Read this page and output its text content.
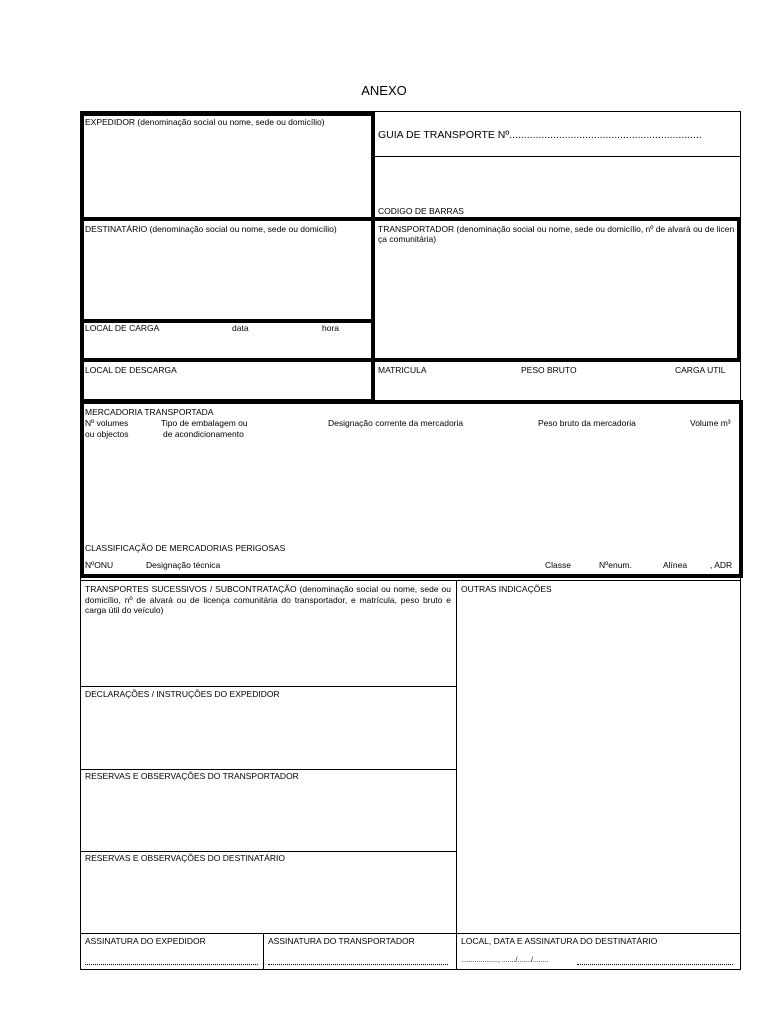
ANEXO
EXPEDIDOR (denominação social ou nome, sede ou domicílio)
GUIA DE TRANSPORTE Nº..................................................................
CODIGO DE BARRAS
DESTINATÁRIO (denominação social ou nome, sede ou domicílio)	TRANSPORTADOR (denominação social ou nome, sede ou domicílio, nº de alvarà ou de licen
ça comunitária)
LOCAL DE CARGA	data	hora
LOCAL DE DESCARGA	MATRICULA	PESO BRUTO	CARGA UTIL
MERCADORIA TRANSPORTADA
Nº volumes
ou objectos
Tipo de embalagem ou
de acondicionamento
Designação corrente da mercadoria	Peso bruto da mercadoria	Volume m³
CLASSIFICAÇÃO DE MERCADORIAS PERIGOSAS
NºONU	Designação técnica	Classe	Nºenum.	Alínea	, ADR
TRANSPORTES SUCESSIVOS / SUBCONTRATAÇÃO (denominação social ou nome, sede ou domicílio, nº de alvará ou de licença comunitária do transportador, e matrícula, peso bruto e carga útil do veículo)
OUTRAS INDICAÇÕES
DECLARAÇÕES / INSTRUÇÕES DO EXPEDIDOR
RESERVAS E OBSERVAÇÕES DO TRANSPORTADOR
RESERVAS E OBSERVAÇÕES DO DESTINATÁRIO
ASSINATURA DO EXPEDIDOR	ASSINATURA DO TRANSPORTADOR	LOCAL, DATA E ASSINATURA DO DESTINATÁRIO
..................., ......./......./........
